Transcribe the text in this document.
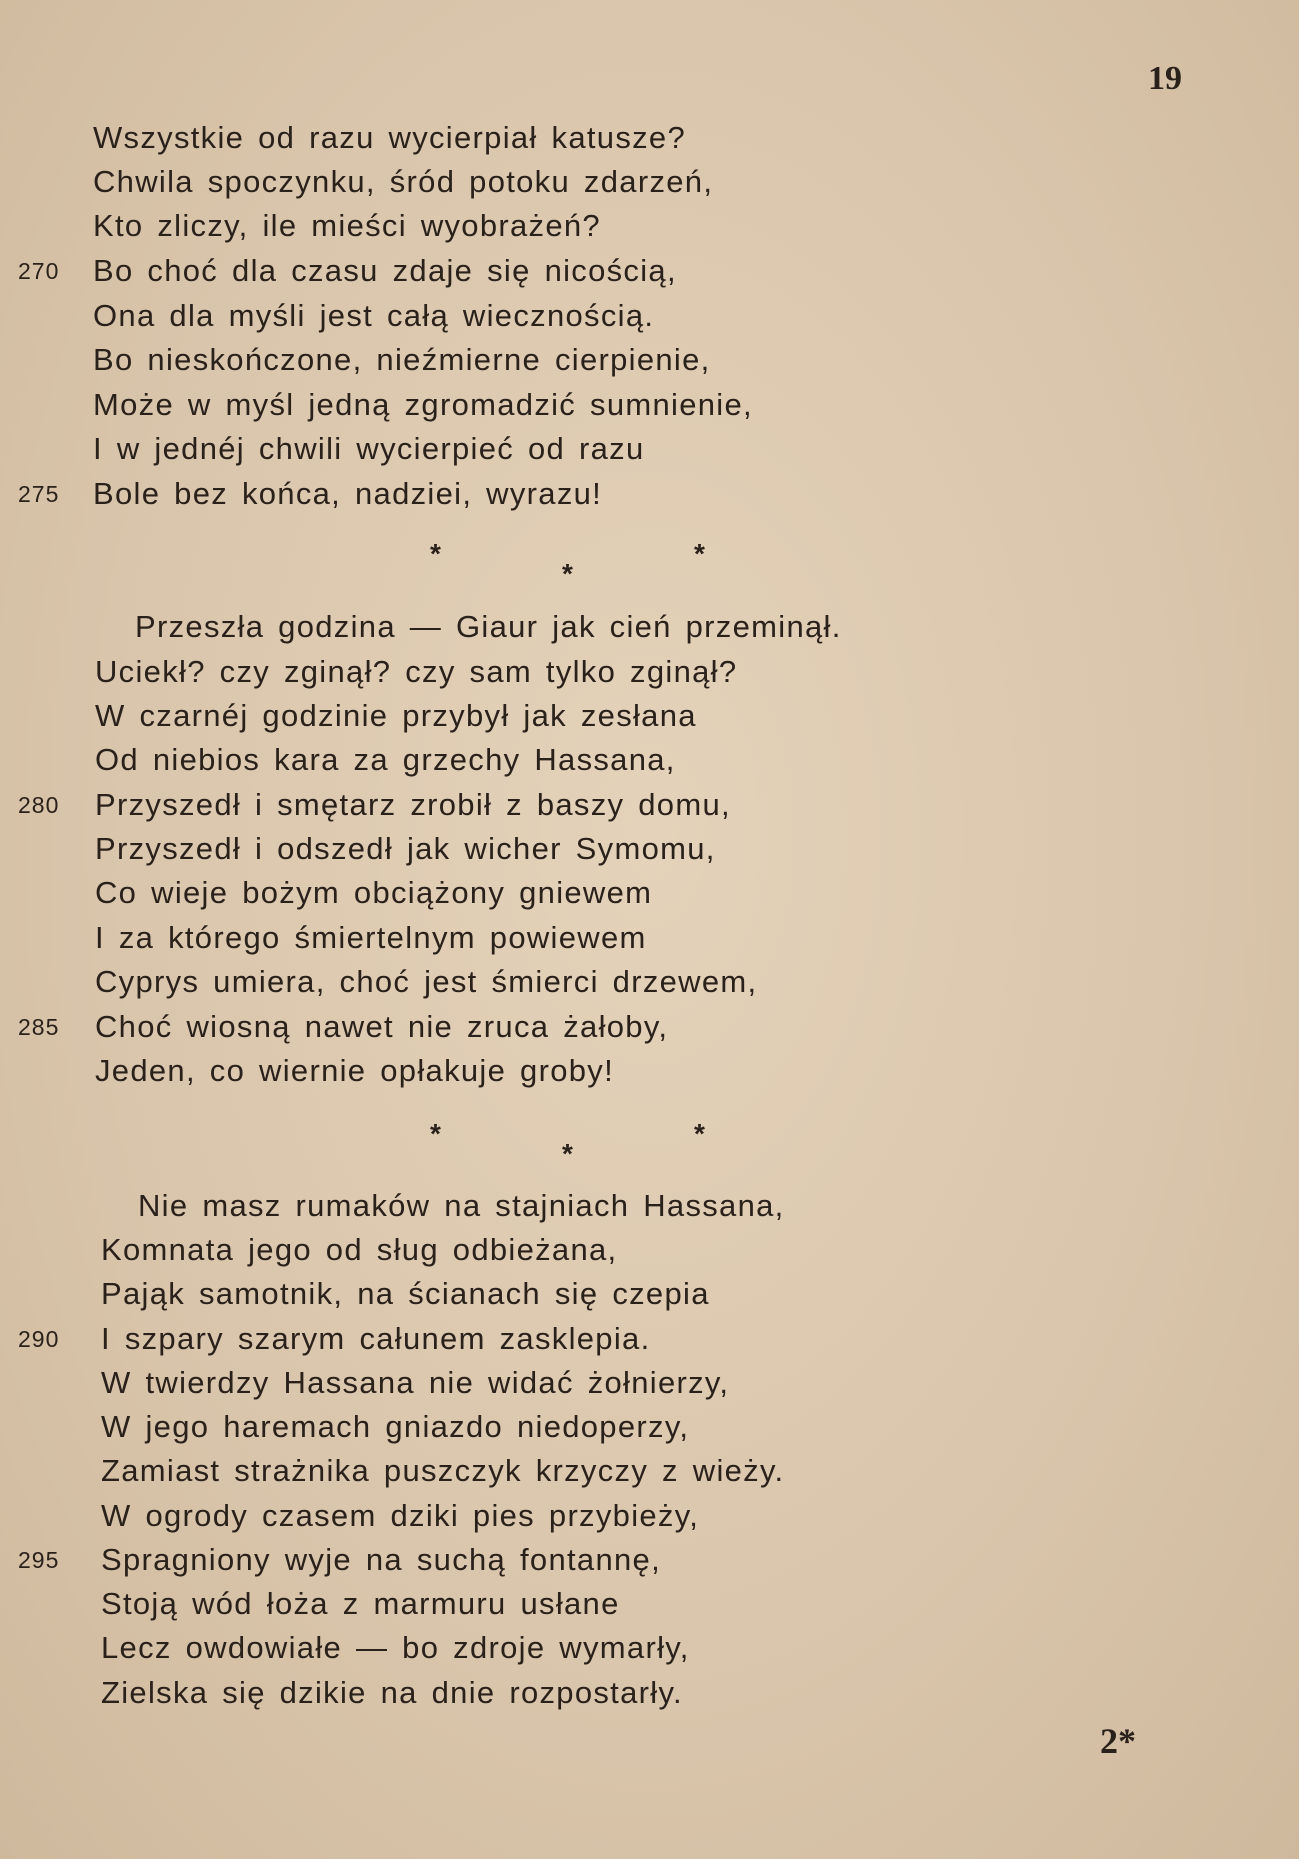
19
Wszystkie od razu wycierpiał katusze?
Chwila spoczynku, śród potoku zdarzeń,
Kto zliczy, ile mieści wyobrażeń?
270	Bo choć dla czasu zdaje się nicością,
Ona dla myśli jest całą wiecznością.
Bo nieskończone, nieźmierne cierpienie,
Może w myśl jedną zgromadzić sumnienie,
I w jednéj chwili wycierpieć od razu
275	Bole bez końca, nadziei, wyrazu!
*
*
*
Przeszła godzina — Giaur jak cień przeminął.
Uciekł? czy zginął? czy sam tylko zginął?
W czarnéj godzinie przybył jak zesłana
Od niebios kara za grzechy Hassana,
280	Przyszedł i smętarz zrobił z baszy domu,
Przyszedł i odszedł jak wicher Symomu,
Co wieje bożym obciążony gniewem
I za którego śmiertelnym powiewem
Cyprys umiera, choć jest śmierci drzewem,
285	Choć wiosną nawet nie zruca żałoby,
Jeden, co wiernie opłakuje groby!
*
*
*
Nie masz rumaków na stajniach Hassana,
Komnata jego od sług odbieżana,
Pająk samotnik, na ścianach się czepia
290	I szpary szarym całunem zasklepia.
W twierdzy Hassana nie widać żołnierzy,
W jego haremach gniazdo niedoperzy,
Zamiast strażnika puszczyk krzyczy z wieży.
W ogrody czasem dziki pies przybieży,
295	Spragniony wyje na suchą fontannę,
Stoją wód łoża z marmuru usłane
Lecz owdowiałe — bo zdroje wymarły,
Zielska się dzikie na dnie rozpostarły.
2*
